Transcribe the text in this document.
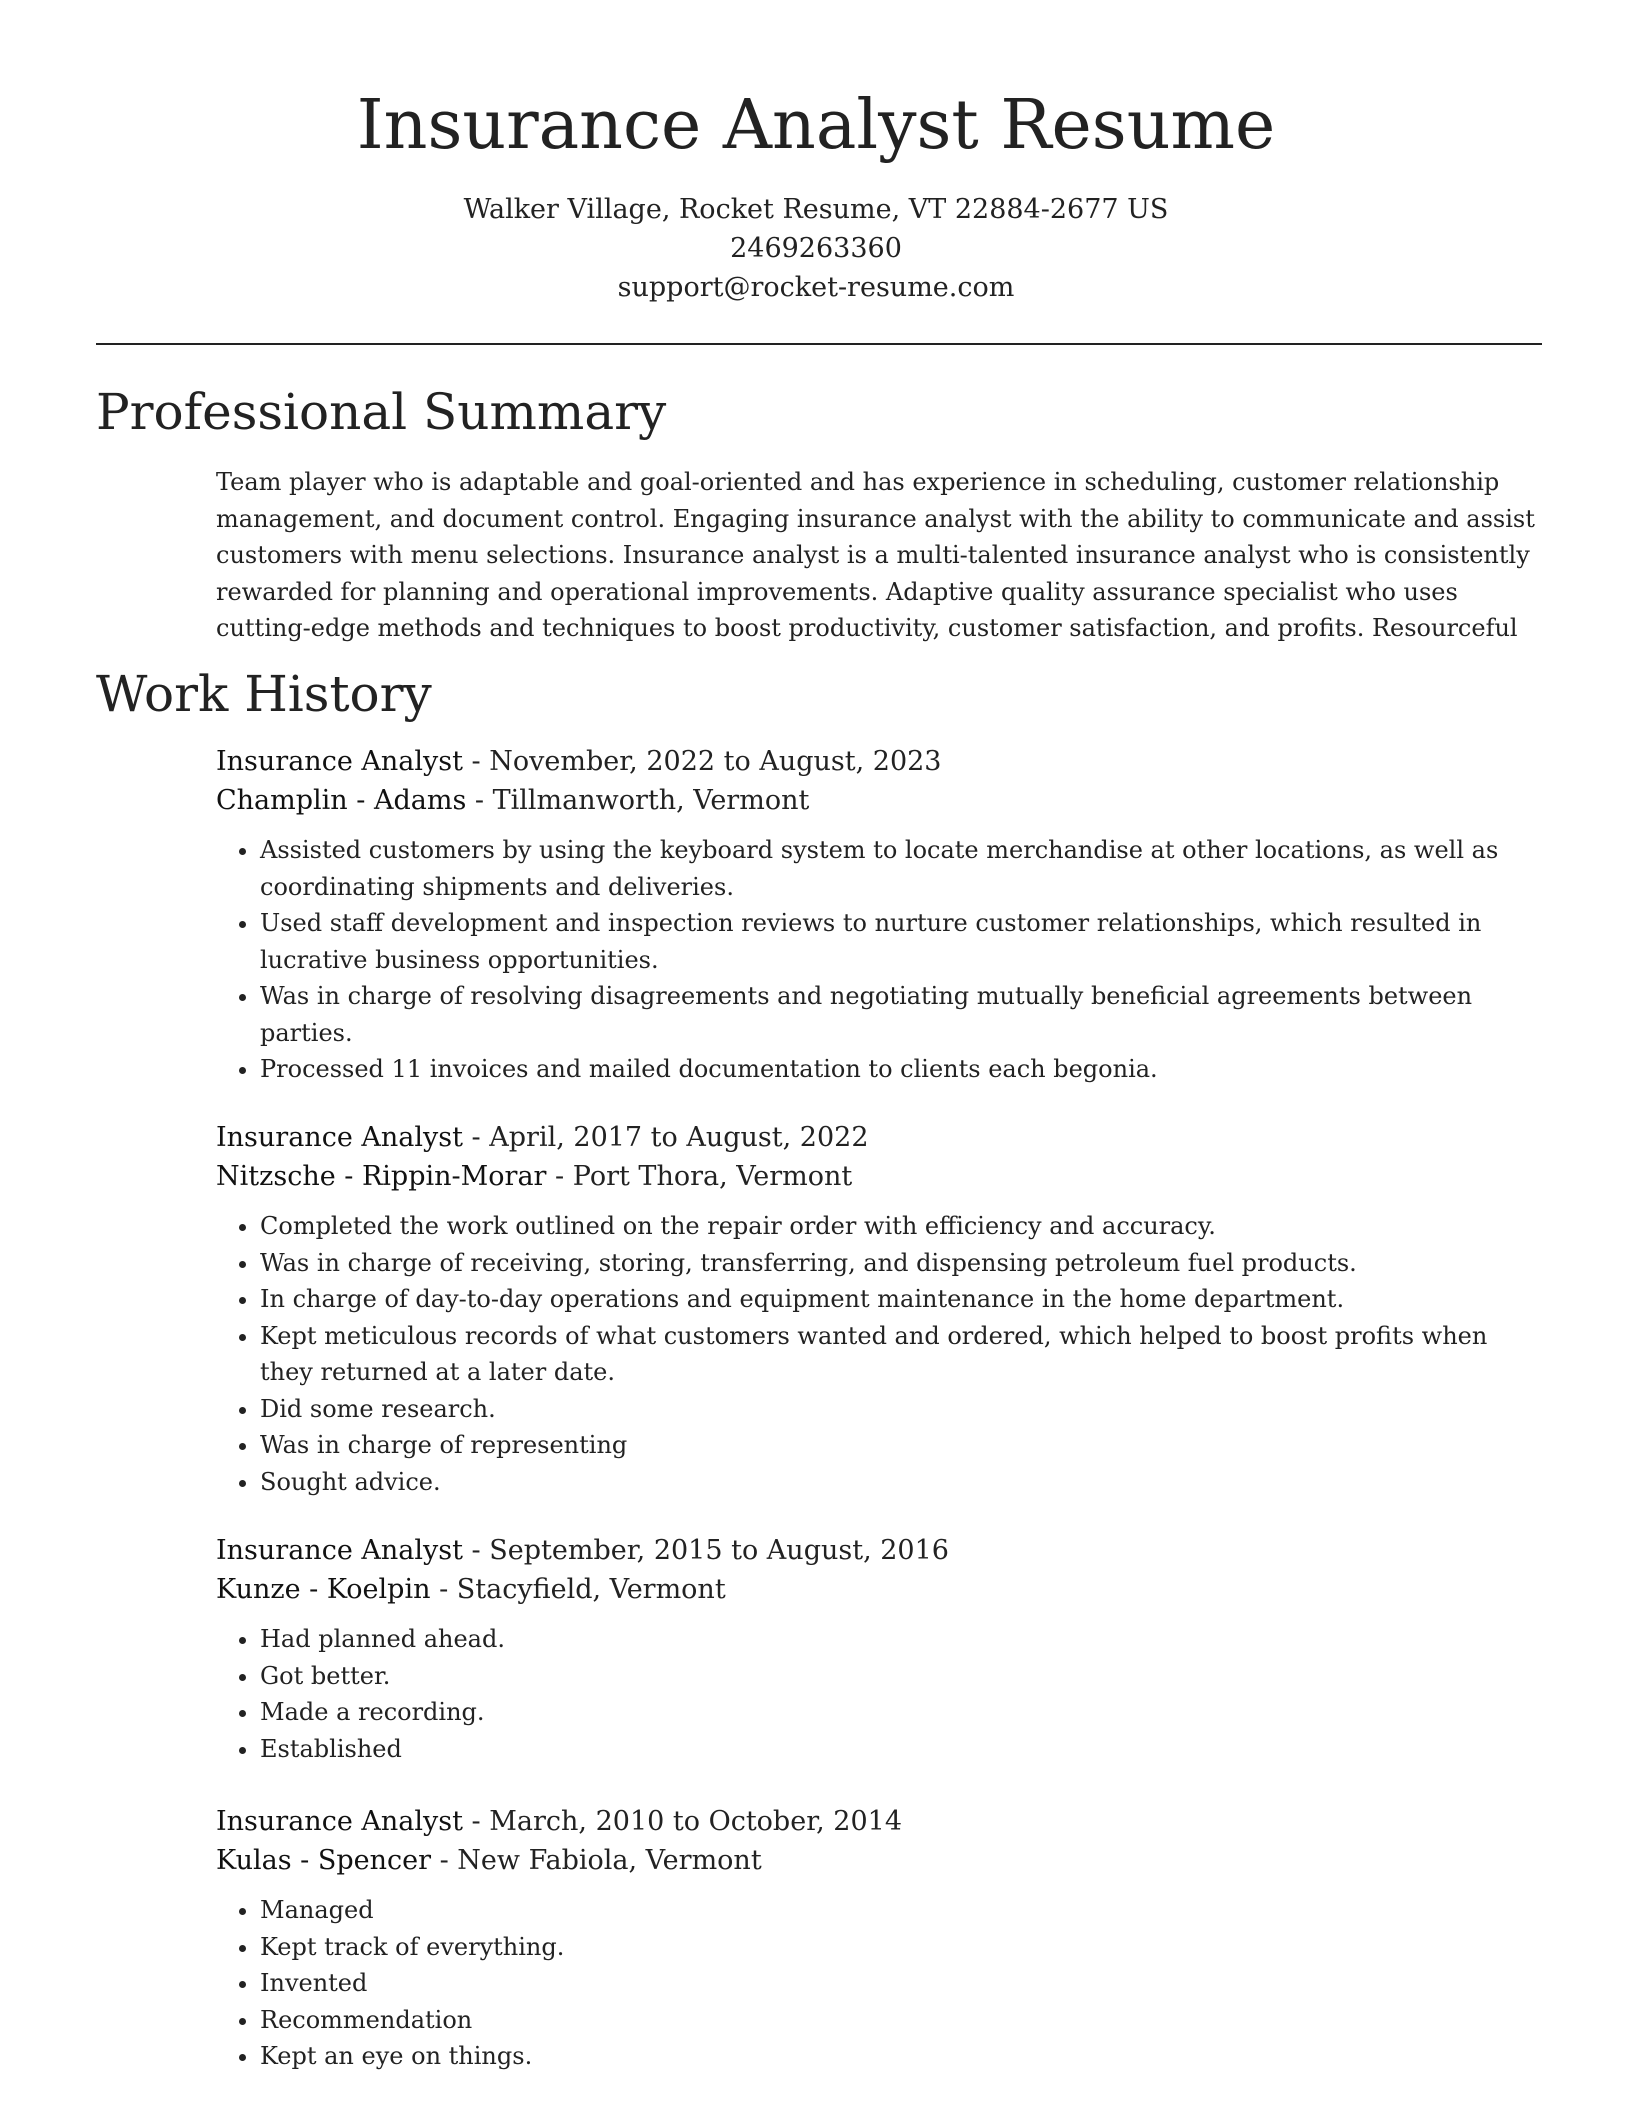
Insurance Analyst Resume
Walker Village, Rocket Resume, VT 22884-2677 US
2469263360
support@rocket-resume.com
Professional Summary

Team player who is adaptable and goal-oriented and has experience in scheduling, customer relationship management, and document control. Engaging insurance analyst with the ability to communicate and assist customers with menu selections. Insurance analyst is a multi-talented insurance analyst who is consistently rewarded for planning and operational improvements. Adaptive quality assurance specialist who uses cutting-edge methods and techniques to boost productivity, customer satisfaction, and profits. Resourceful

Work History
Insurance Analyst - November, 2022 to August, 2023
Champlin - Adams - Tillmanworth, Vermont
• Assisted customers by using the keyboard system to locate merchandise at other locations, as well as coordinating shipments and deliveries.
• Used staff development and inspection reviews to nurture customer relationships, which resulted in lucrative business opportunities.
• Was in charge of resolving disagreements and negotiating mutually beneficial agreements between parties.
• Processed 11 invoices and mailed documentation to clients each begonia.
Insurance Analyst - April, 2017 to August, 2022
Nitzsche - Rippin-Morar - Port Thora, Vermont
• Completed the work outlined on the repair order with efficiency and accuracy.
• Was in charge of receiving, storing, transferring, and dispensing petroleum fuel products.
• In charge of day-to-day operations and equipment maintenance in the home department.
• Kept meticulous records of what customers wanted and ordered, which helped to boost profits when they returned at a later date.
• Did some research.
• Was in charge of representing
• Sought advice.
Insurance Analyst - September, 2015 to August, 2016
Kunze - Koelpin - Stacyfield, Vermont
• Had planned ahead.
• Got better.
• Made a recording.
• Established
Insurance Analyst - March, 2010 to October, 2014
Kulas - Spencer - New Fabiola, Vermont
• Managed
• Kept track of everything.
• Invented
• Recommendation
• Kept an eye on things.
